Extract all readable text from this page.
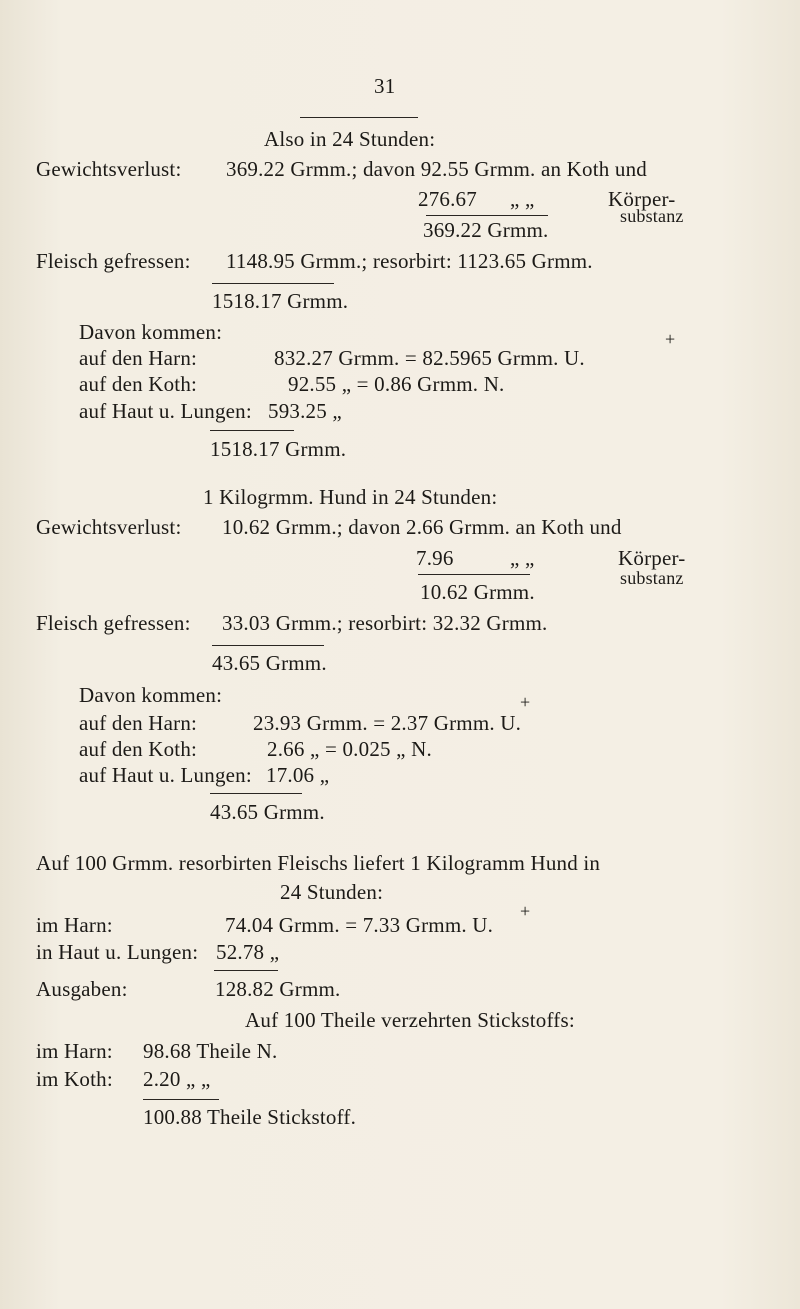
31
Also in 24 Stunden:
Gewichtsverlust: 369.22 Grmm.; davon 92.55 Grmm. an Koth und
276.67 „ „	Körper-
substanz
369.22 Grmm.
Fleisch gefressen: 1148.95 Grmm.; resorbirt: 1123.65 Grmm.
1518.17 Grmm.
Davon kommen:	+
auf den Harn:	832.27 Grmm. = 82.5965 Grmm. U.
auf den Koth:	92.55 „ = 0.86 Grmm. N.
auf Haut u. Lungen: 593.25 „
1518.17 Grmm.
1 Kilogrmm. Hund in 24 Stunden:
Gewichtsverlust: 10.62 Grmm.; davon 2.66 Grmm. an Koth und
7.96	„ „	Körper-
substanz
10.62 Grmm.
Fleisch gefressen: 33.03 Grmm.; resorbirt: 32.32 Grmm.
43.65 Grmm.
Davon kommen:	+
auf den Harn:	23.93 Grmm. = 2.37 Grmm. U.
auf den Koth:	2.66 „ = 0.025 „ N.
auf Haut u. Lungen: 17.06 „
43.65 Grmm.
Auf 100 Grmm. resorbirten Fleischs liefert 1 Kilogramm Hund in
24 Stunden:
+
im Harn:	74.04 Grmm. = 7.33 Grmm. U.
in Haut u. Lungen: 52.78 „
Ausgaben:	128.82 Grmm.
Auf 100 Theile verzehrten Stickstoffs:
im Harn: 98.68 Theile N.
im Koth: 2.20 „ „
100.88 Theile Stickstoff.
